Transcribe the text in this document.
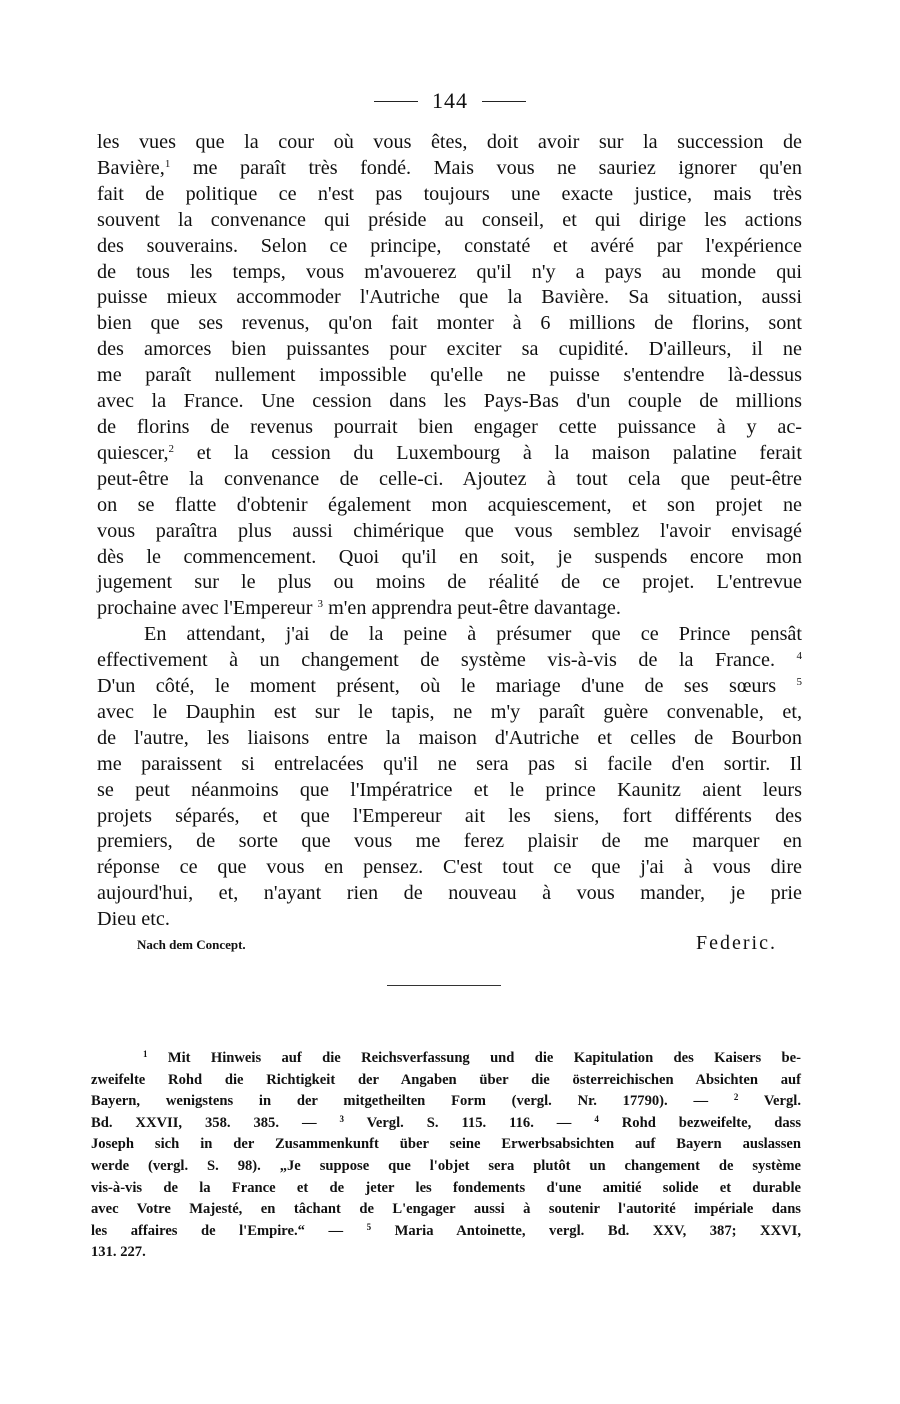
144
les vues que la cour où vous êtes, doit avoir sur la succession de
Bavière,$^1$ me paraît très fondé. Mais vous ne sauriez ignorer qu'en
fait de politique ce n'est pas toujours une exacte justice, mais très
souvent la convenance qui préside au conseil, et qui dirige les actions
des souverains. Selon ce principe, constaté et avéré par l'expérience
de tous les temps, vous m'avouerez qu'il n'y a pays au monde qui
puisse mieux accommoder l'Autriche que la Bavière. Sa situation, aussi
bien que ses revenus, qu'on fait monter à 6 millions de florins, sont
des amorces bien puissantes pour exciter sa cupidité. D'ailleurs, il ne
me paraît nullement impossible qu'elle ne puisse s'entendre là-dessus
avec la France. Une cession dans les Pays-Bas d'un couple de millions
de florins de revenus pourrait bien engager cette puissance à y ac-
quiescer,$^2$ et la cession du Luxembourg à la maison palatine ferait
peut-être la convenance de celle-ci. Ajoutez à tout cela que peut-être
on se flatte d'obtenir également mon acquiescement, et son projet ne
vous paraîtra plus aussi chimérique que vous semblez l'avoir envisagé
dès le commencement. Quoi qu'il en soit, je suspends encore mon
jugement sur le plus ou moins de réalité de ce projet. L'entrevue
prochaine avec l'Empereur $^3$ m'en apprendra peut-être davantage.
En attendant, j'ai de la peine à présumer que ce Prince pensât
effectivement à un changement de système vis-à-vis de la France. $^4$
D'un côté, le moment présent, où le mariage d'une de ses sœurs $^5$
avec le Dauphin est sur le tapis, ne m'y paraît guère convenable, et,
de l'autre, les liaisons entre la maison d'Autriche et celles de Bourbon
me paraissent si entrelacées qu'il ne sera pas si facile d'en sortir. Il
se peut néanmoins que l'Impératrice et le prince Kaunitz aient leurs
projets séparés, et que l'Empereur ait les siens, fort différents des
premiers, de sorte que vous me ferez plaisir de me marquer en
réponse ce que vous en pensez. C'est tout ce que j'ai à vous dire
aujourd'hui, et, n'ayant rien de nouveau à vous mander, je prie
Dieu etc.
Nach dem Concept.	Federic.
$^1$ Mit Hinweis auf die Reichsverfassung und die Kapitulation des Kaisers be-
zweifelte Rohd die Richtigkeit der Angaben über die österreichischen Absichten auf
Bayern, wenigstens in der mitgetheilten Form (vergl. Nr. 17790). —	$^2$ Vergl.
Bd. XXVII, 358. 385. —	$^3$ Vergl. S. 115. 116. —	$^4$ Rohd bezweifelte, dass
Joseph sich in der Zusammenkunft über seine Erwerbsabsichten auf Bayern auslassen
werde (vergl. S. 98). „Je suppose que l'objet sera plutôt un changement de système
vis-à-vis de la France et de jeter les fondements d'une amitié solide et durable
avec Votre Majesté, en tâchant de L'engager aussi à soutenir l'autorité impériale dans
les affaires de l'Empire.“ —	$^5$ Maria Antoinette, vergl. Bd. XXV, 387; XXVI,
131. 227.
